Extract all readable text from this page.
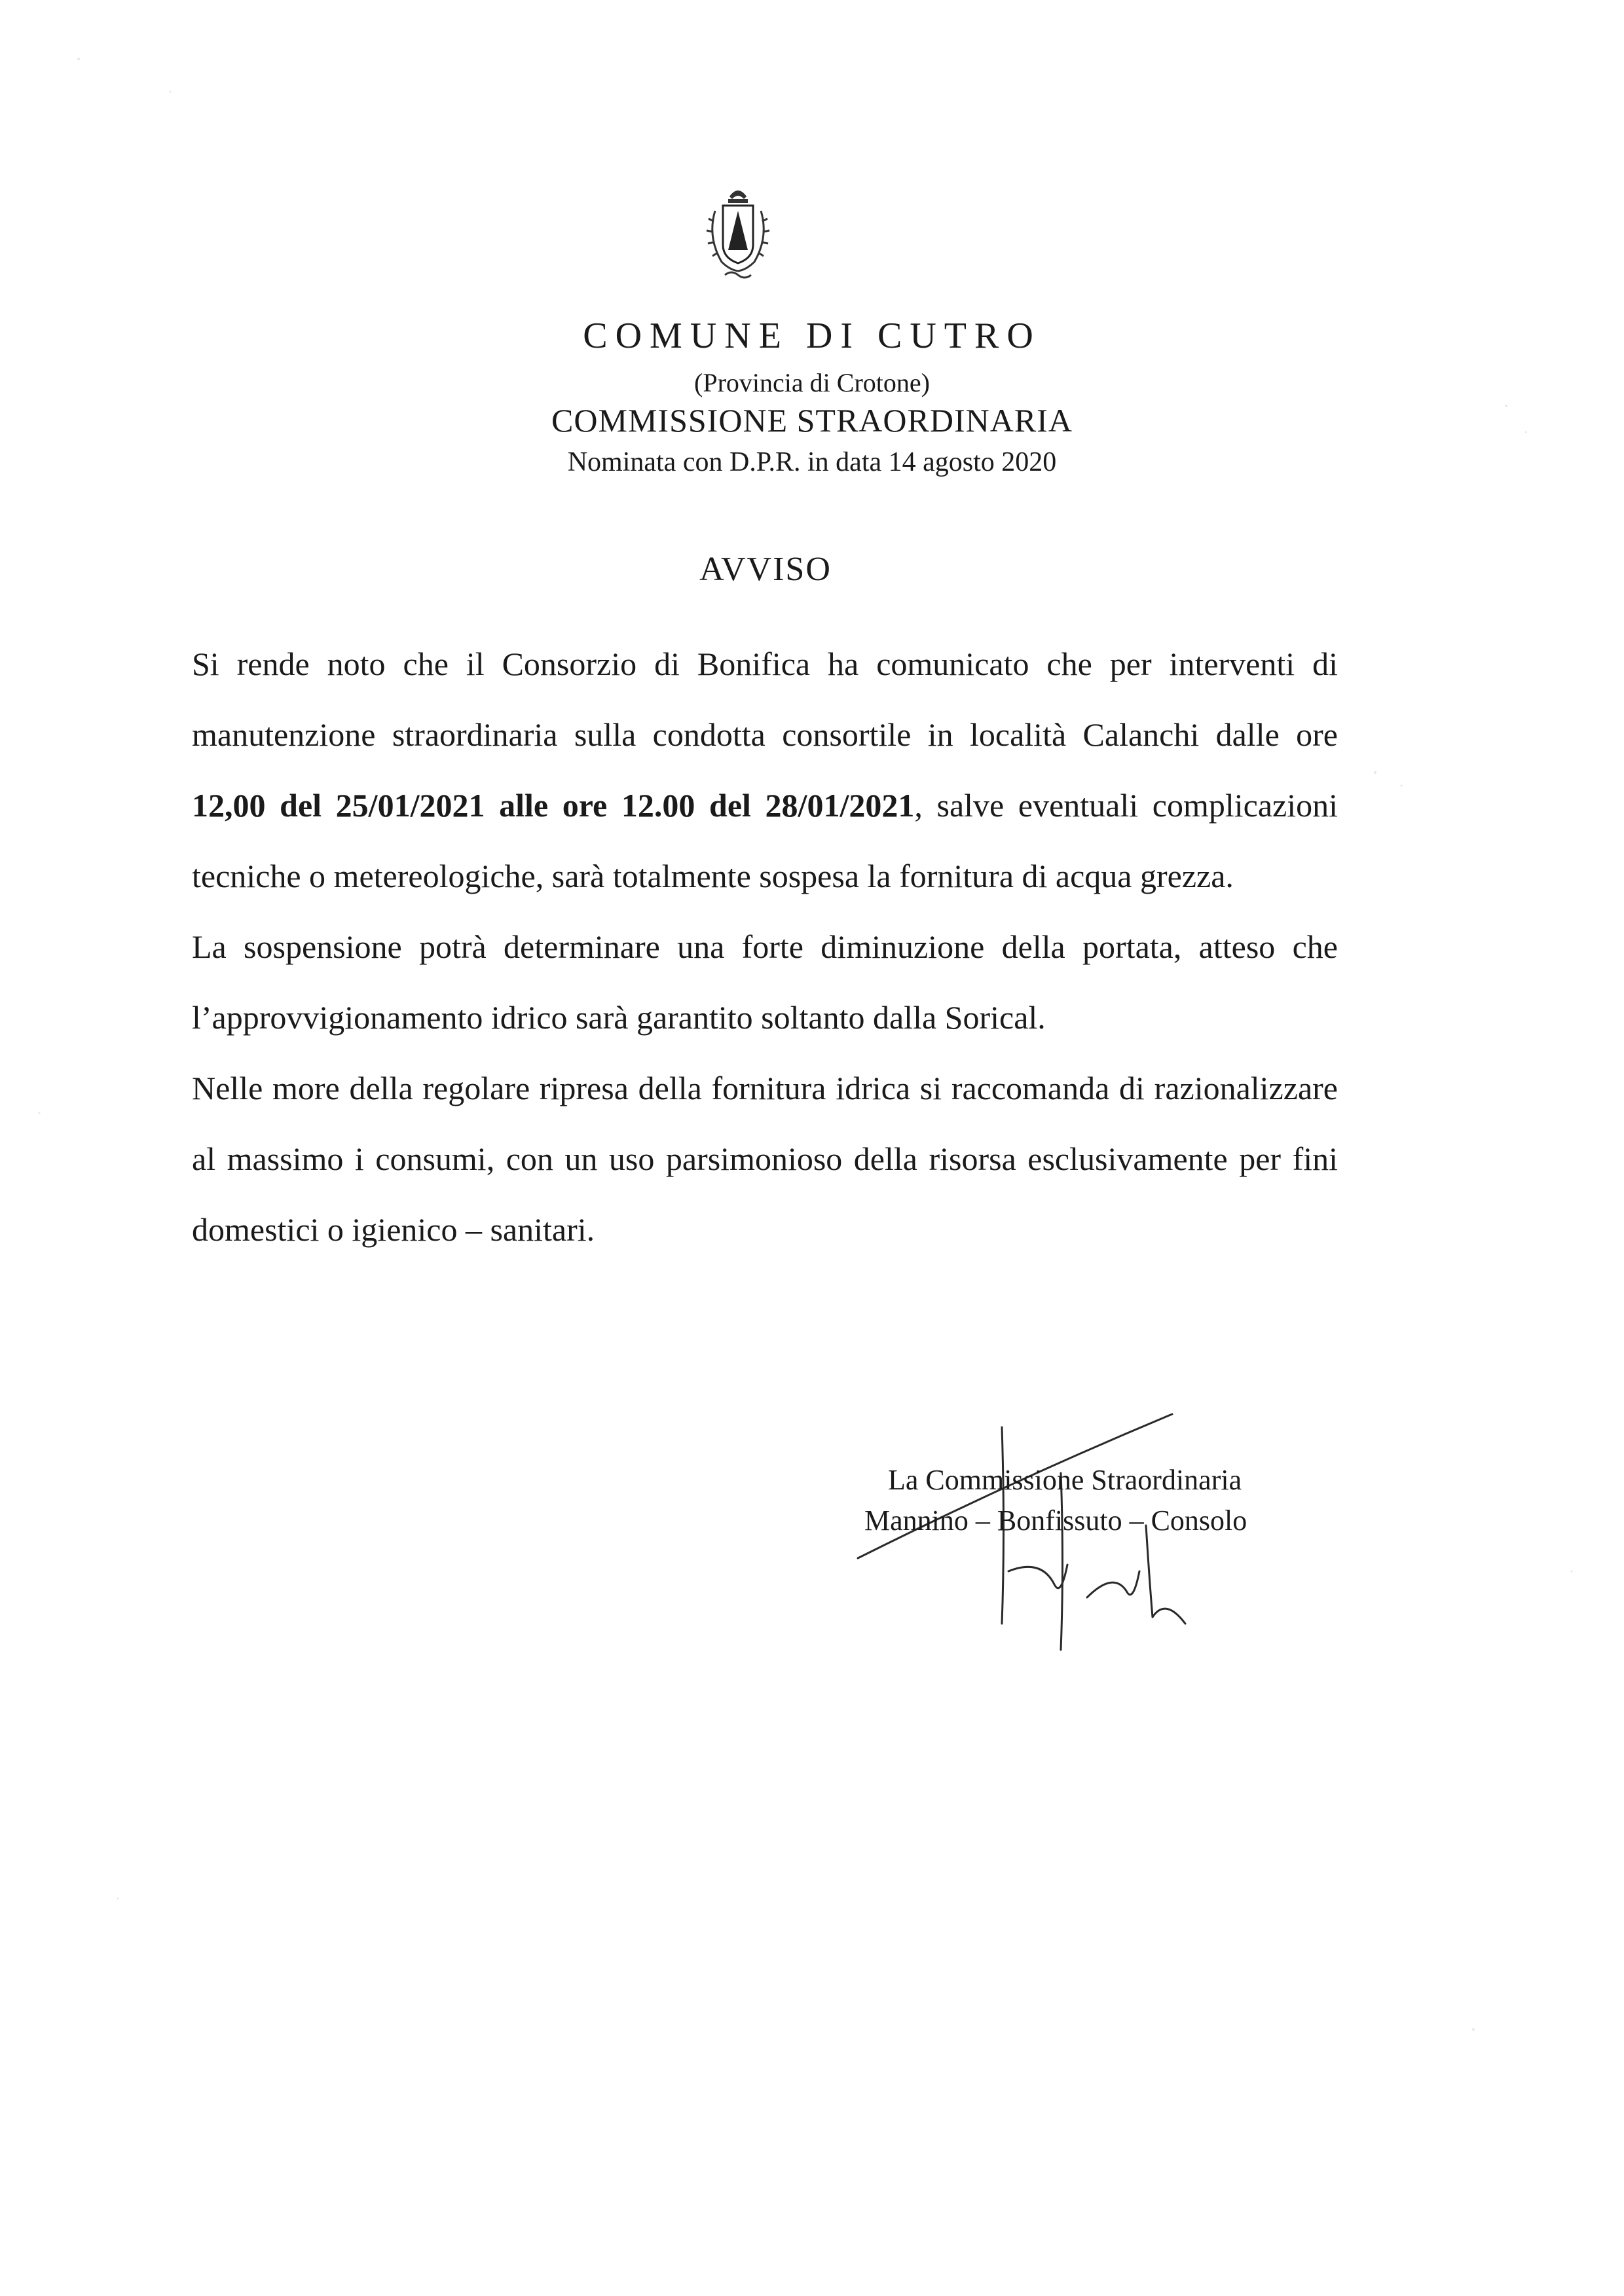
COMUNE DI CUTRO
(Provincia di Crotone)
COMMISSIONE STRAORDINARIA
Nominata con D.P.R. in data 14 agosto 2020
AVVISO

Si rende noto che il Consorzio di Bonifica ha comunicato che per interventi di manutenzione straordinaria sulla condotta consortile in località Calanchi dalle ore 12,00 del 25/01/2021 alle ore 12.00 del 28/01/2021, salve eventuali complicazioni tecniche o metereologiche, sarà totalmente sospesa la fornitura di acqua grezza.

La sospensione potrà determinare una forte diminuzione della portata, atteso che l’approvvigionamento idrico sarà garantito soltanto dalla Sorical.

Nelle more della regolare ripresa della fornitura idrica si raccomanda di razionalizzare al massimo i consumi, con un uso parsimonioso della risorsa esclusivamente per fini domestici o igienico – sanitari.

La Commissione Straordinaria
Mannino – Bonfissuto – Consolo
